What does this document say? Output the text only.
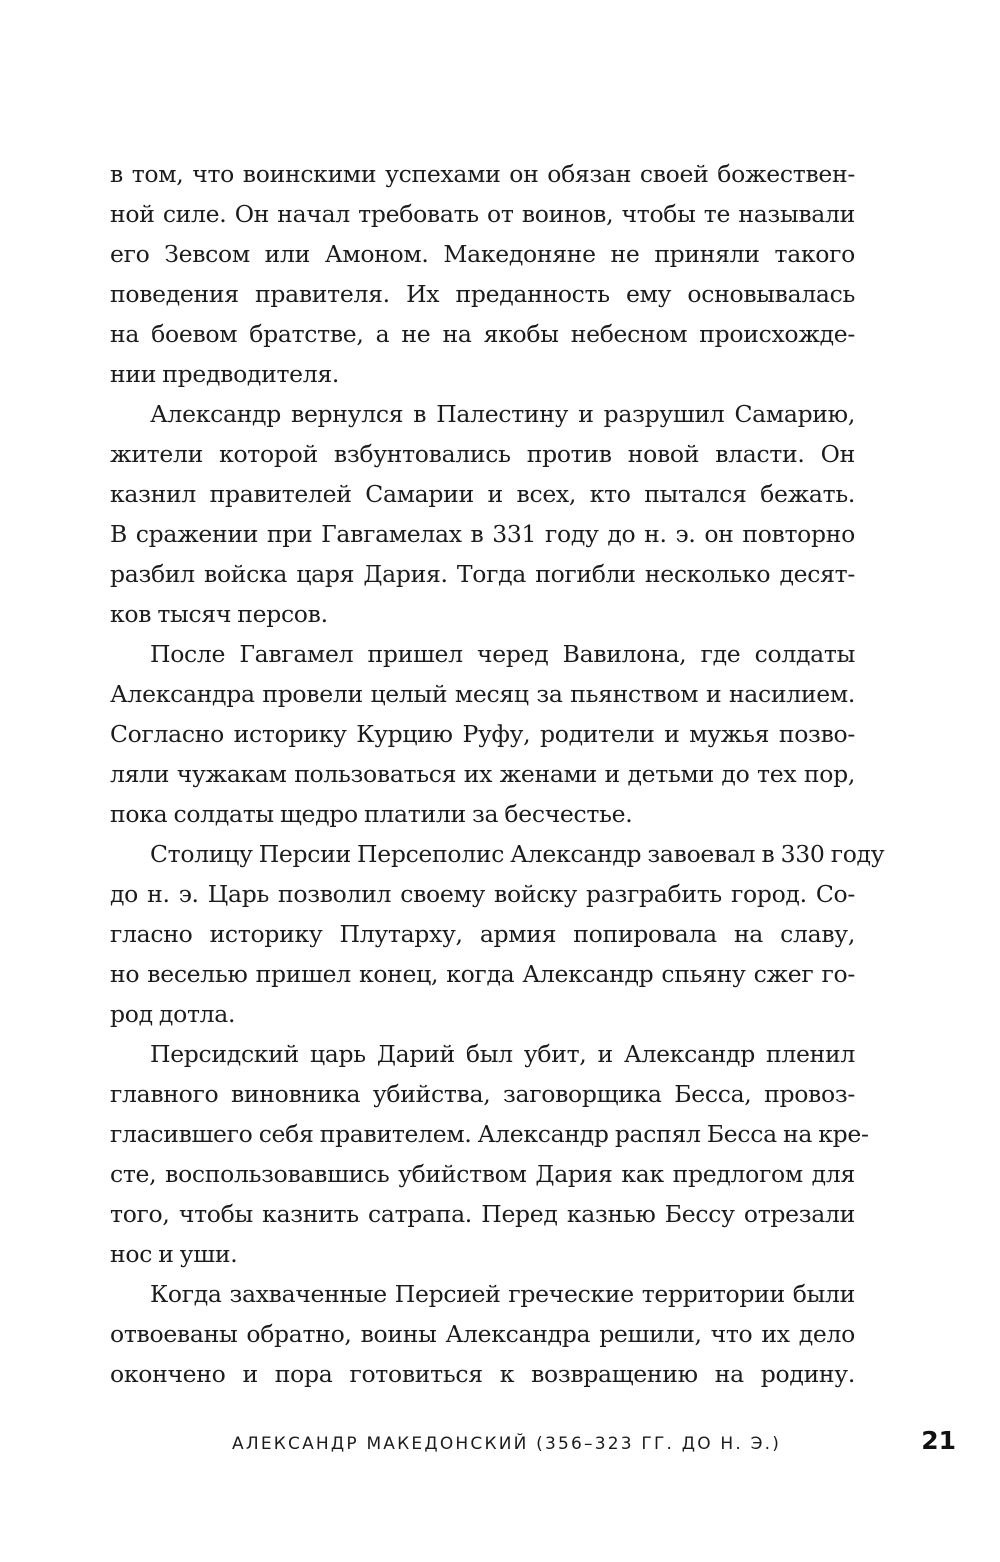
в том, что воинскими успехами он обязан своей божествен-
ной силе. Он начал требовать от воинов, чтобы те называли
его Зевсом или Амоном. Македоняне не приняли такого
поведения правителя. Их преданность ему основывалась
на боевом братстве, а не на якобы небесном происхожде-
нии предводителя.
Александр вернулся в Палестину и разрушил Самарию,
жители которой взбунтовались против новой власти. Он
казнил правителей Самарии и всех, кто пытался бежать.
В сражении при Гавгамелах в 331 году до н. э. он повторно
разбил войска царя Дария. Тогда погибли несколько десят-
ков тысяч персов.
После Гавгамел пришел черед Вавилона, где солдаты
Александра провели целый месяц за пьянством и насилием.
Согласно историку Курцию Руфу, родители и мужья позво-
ляли чужакам пользоваться их женами и детьми до тех пор,
пока солдаты щедро платили за бесчестье.
Столицу Персии Персеполис Александр завоевал в 330 году
до н. э. Царь позволил своему войску разграбить город. Со-
гласно историку Плутарху, армия попировала на славу,
но веселью пришел конец, когда Александр спьяну сжег го-
род дотла.
Персидский царь Дарий был убит, и Александр пленил
главного виновника убийства, заговорщика Бесса, провоз-
гласившего себя правителем. Александр распял Бесса на кре-
сте, воспользовавшись убийством Дария как предлогом для
того, чтобы казнить сатрапа. Перед казнью Бессу отрезали
нос и уши.
Когда захваченные Персией греческие территории были
отвоеваны обратно, воины Александра решили, что их дело
окончено и пора готовиться к возвращению на родину.
АЛЕКСАНДР МАКЕДОНСКИЙ (356–323 ГГ. ДО Н. Э.)	21
